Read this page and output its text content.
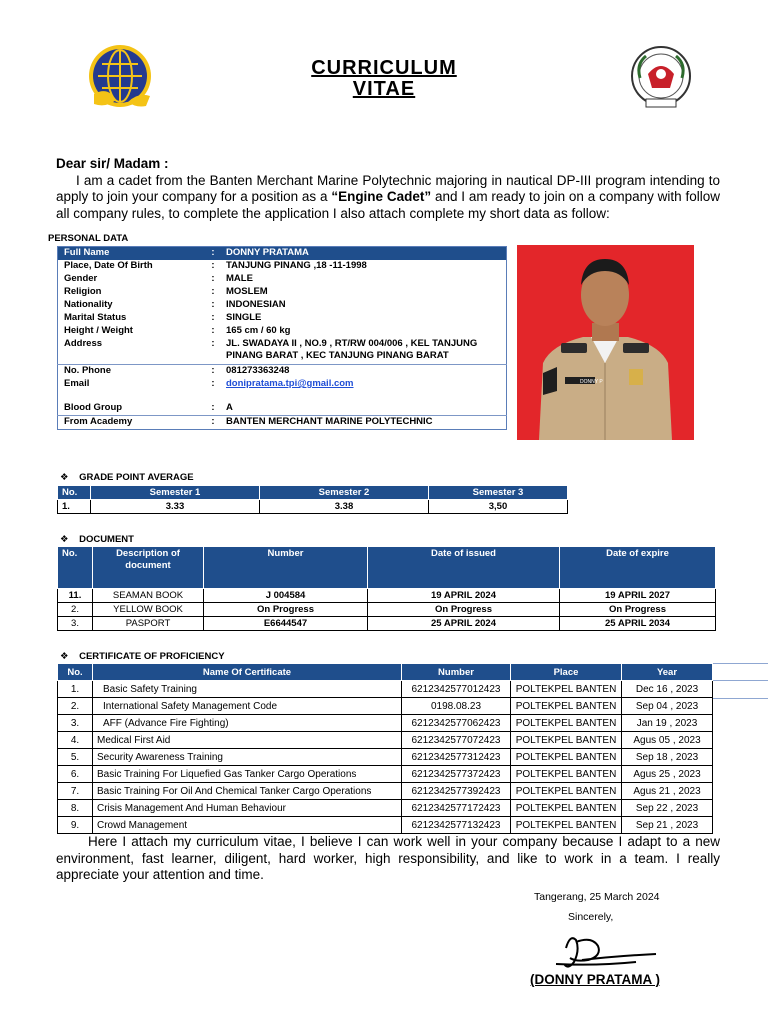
CURRICULUM VITAE
Dear sir/ Madam :

I am a cadet from the Banten Merchant Marine Polytechnic majoring in nautical DP-III program intending to apply to join your company for a position as a “Engine Cadet” and I am ready to join on a company with follow all company rules, to complete the application I also attach complete my short data as follow:

PERSONAL DATA
Full Name	:	DONNY PRATAMA
Place, Date Of Birth	:	TANJUNG PINANG ,18 -11-1998
Gender	:	MALE
Religion	:	MOSLEM
Nationality	:	INDONESIAN
Marital Status	:	SINGLE
Height / Weight	:	165 cm / 60 kg
Address	:	JL. SWADAYA II , NO.9 , RT/RW 004/006 , KEL TANJUNG PINANG BARAT , KEC TANJUNG PINANG BARAT
No. Phone	:	081273363248
Email	:	donipratama.tpi@gmail.com
Blood Group	:	A
From Academy	:	BANTEN MERCHANT MARINE POLYTECHNIC
DONNY P
❖    GRADE POINT AVERAGE
No.	Semester 1	Semester 2	Semester 3
1.	3.33	3.38	3,50
❖    DOCUMENT
No.	Description of document	Number	Date of issued	Date of expire
11.	SEAMAN BOOK	J 004584	19 APRIL 2024	19 APRIL 2027
2.	YELLOW BOOK	On Progress	On Progress	On Progress
3.	PASPORT	E6644547	25 APRIL 2024	25 APRIL 2034
❖    CERTIFICATE OF PROFICIENCY
No.	Name Of Certificate	Number	Place	Year
1.	Basic Safety Training	6212342577012423	POLTEKPEL BANTEN	Dec 16 , 2023
2.	International Safety Management Code	0198.08.23	POLTEKPEL BANTEN	Sep 04 , 2023
3.	AFF (Advance Fire Fighting)	6212342577062423	POLTEKPEL BANTEN	Jan 19 , 2023
4.	Medical First Aid	6212342577072423	POLTEKPEL BANTEN	Agus 05 , 2023
5.	Security Awareness Training	6212342577312423	POLTEKPEL BANTEN	Sep 18 , 2023
6.	Basic Training For Liquefied Gas Tanker Cargo Operations	6212342577372423	POLTEKPEL BANTEN	Agus 25 , 2023
7.	Basic Training For Oil And Chemical Tanker Cargo Operations	6212342577392423	POLTEKPEL BANTEN	Agus 21 , 2023
8.	Crisis Management And Human Behaviour	6212342577172423	POLTEKPEL BANTEN	Sep 22 , 2023
9.	Crowd Management	6212342577132423	POLTEKPEL BANTEN	Sep 21 , 2023

Here I attach my curriculum vitae, I believe I can work well in your company because I adapt to a new environment, fast learner, diligent, hard worker, high responsibility, and like to work in a team. I really appreciate your attention and time.

Tangerang, 25 March 2024
Sincerely,
(DONNY PRATAMA )
